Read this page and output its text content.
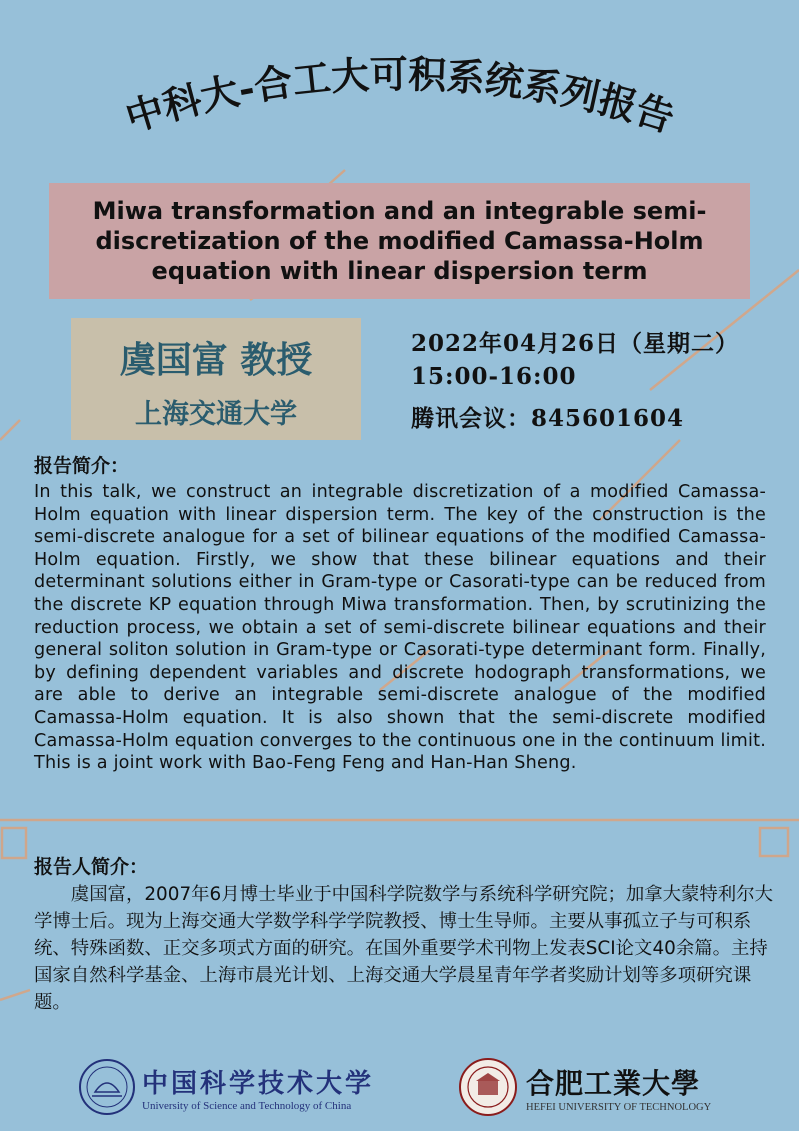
中科大-合工大可积系统系列报告
Miwa transformation and an integrable semi-discretization of the modified Camassa-Holm equation with linear dispersion term
虞国富 教授
上海交通大学
2022年04月26日（星期二）
15:00-16:00
腾讯会议：845601604
报告简介：
In this talk, we construct an integrable discretization of a modified Camassa-Holm equation with linear dispersion term. The key of the construction is the semi-discrete analogue for a set of bilinear equations of the modified Camassa-Holm equation. Firstly, we show that these bilinear equations and their determinant solutions either in Gram-type or Casorati-type can be reduced from the discrete KP equation through Miwa transformation. Then, by scrutinizing the reduction process, we obtain a set of semi-discrete bilinear equations and their general soliton solution in Gram-type or Casorati-type determinant form. Finally, by defining dependent variables and discrete hodograph transformations, we are able to derive an integrable semi-discrete analogue of the modified Camassa-Holm equation. It is also shown that the semi-discrete modified Camassa-Holm equation converges to the continuous one in the continuum limit. This is a joint work with Bao-Feng Feng and Han-Han Sheng.
报告人简介：

虞国富，2007年6月博士毕业于中国科学院数学与系统科学研究院；加拿大蒙特利尔大学博士后。现为上海交通大学数学科学学院教授、博士生导师。主要从事孤立子与可积系统、特殊函数、正交多项式方面的研究。在国外重要学术刊物上发表SCI论文40余篇。主持国家自然科学基金、上海市晨光计划、上海交通大学晨星青年学者奖励计划等多项研究课题。

中国科学技术大学
University of Science and Technology of China
合肥工業大學
HEFEI UNIVERSITY OF TECHNOLOGY
